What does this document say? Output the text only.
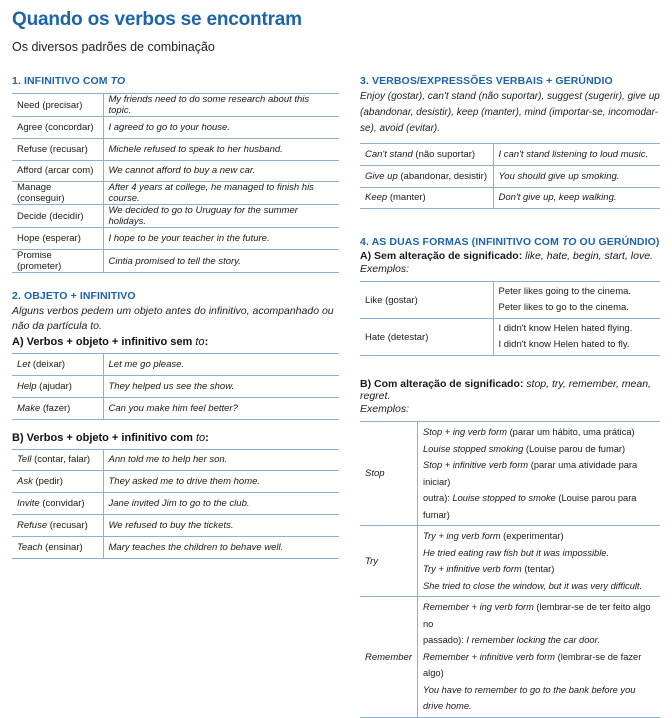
Quando os verbos se encontram
Os diversos padrões de combinação
1. INFINITIVO COM TO
Need (precisar)	My friends need to do some research about this topic.
Agree (concordar)	I agreed to go to your house.
Refuse (recusar)	Michele refused to speak to her husband.
Afford (arcar com)	We cannot afford to buy a new car.
Manage (conseguir)	After 4 years at college, he managed to finish his course.
Decide (decidir)	We decided to go to Uruguay for the summer holidays.
Hope (esperar)	I hope to be your teacher in the future.
Promise (prometer)	Cintia promised to tell the story.
2. OBJETO + INFINITIVO
Alguns verbos pedem um objeto antes do infinitivo, acompanhado ou não da partícula to.
A) Verbos + objeto + infinitivo sem to:
Let (deixar)	Let me go please.
Help (ajudar)	They helped us see the show.
Make (fazer)	Can you make him feel better?
B) Verbos + objeto + infinitivo com to:
Tell (contar, falar)	Ann told me to help her son.
Ask (pedir)	They asked me to drive them home.
Invite (convidar)	Jane invited Jim to go to the club.
Refuse (recusar)	We refused to buy the tickets.
Teach (ensinar)	Mary teaches the children to behave well.
3. VERBOS/EXPRESSÕES VERBAIS + GERÚNDIO
Enjoy (gostar), can't stand (não suportar), suggest (sugerir), give up (abandonar, desistir), keep (manter), mind (importar-se, incomodar-se), avoid (evitar).
Can't stand (não suportar)	I can't stand listening to loud music.
Give up (abandonar, desistir)	You should give up smoking.
Keep (manter)	Don't give up, keep walking.
4. AS DUAS FORMAS (INFINITIVO COM TO OU GERÚNDIO)
A) Sem alteração de significado: like, hate, begin, start, love.
Exemplos:
Like (gostar)	Peter likes going to the cinema.
Peter likes to go to the cinema.

Hate (detestar)	I didn't know Helen hated flying.
I didn't know Helen hated to fly.
B) Com alteração de significado: stop, try, remember, mean, regret.
Exemplos:
Stop	Stop + ing verb form (parar um hábito, uma prática)
Louise stopped smoking (Louise parou de fumar)
Stop + infinitive verb form (parar uma atividade para iniciar)
outra): Louise stopped to smoke (Louise parou para fumar)

Try	Try + ing verb form (experimentar)
He tried eating raw fish but it was impossible.
Try + infinitive verb form (tentar)
She tried to close the window, but it was very difficult.

Remember	Remember + ing verb form (lembrar-se de ter feito algo no
passado): I remember locking the car door.
Remember + infinitive verb form (lembrar-se de fazer algo)
You have to remember to go to the bank before you drive home.
